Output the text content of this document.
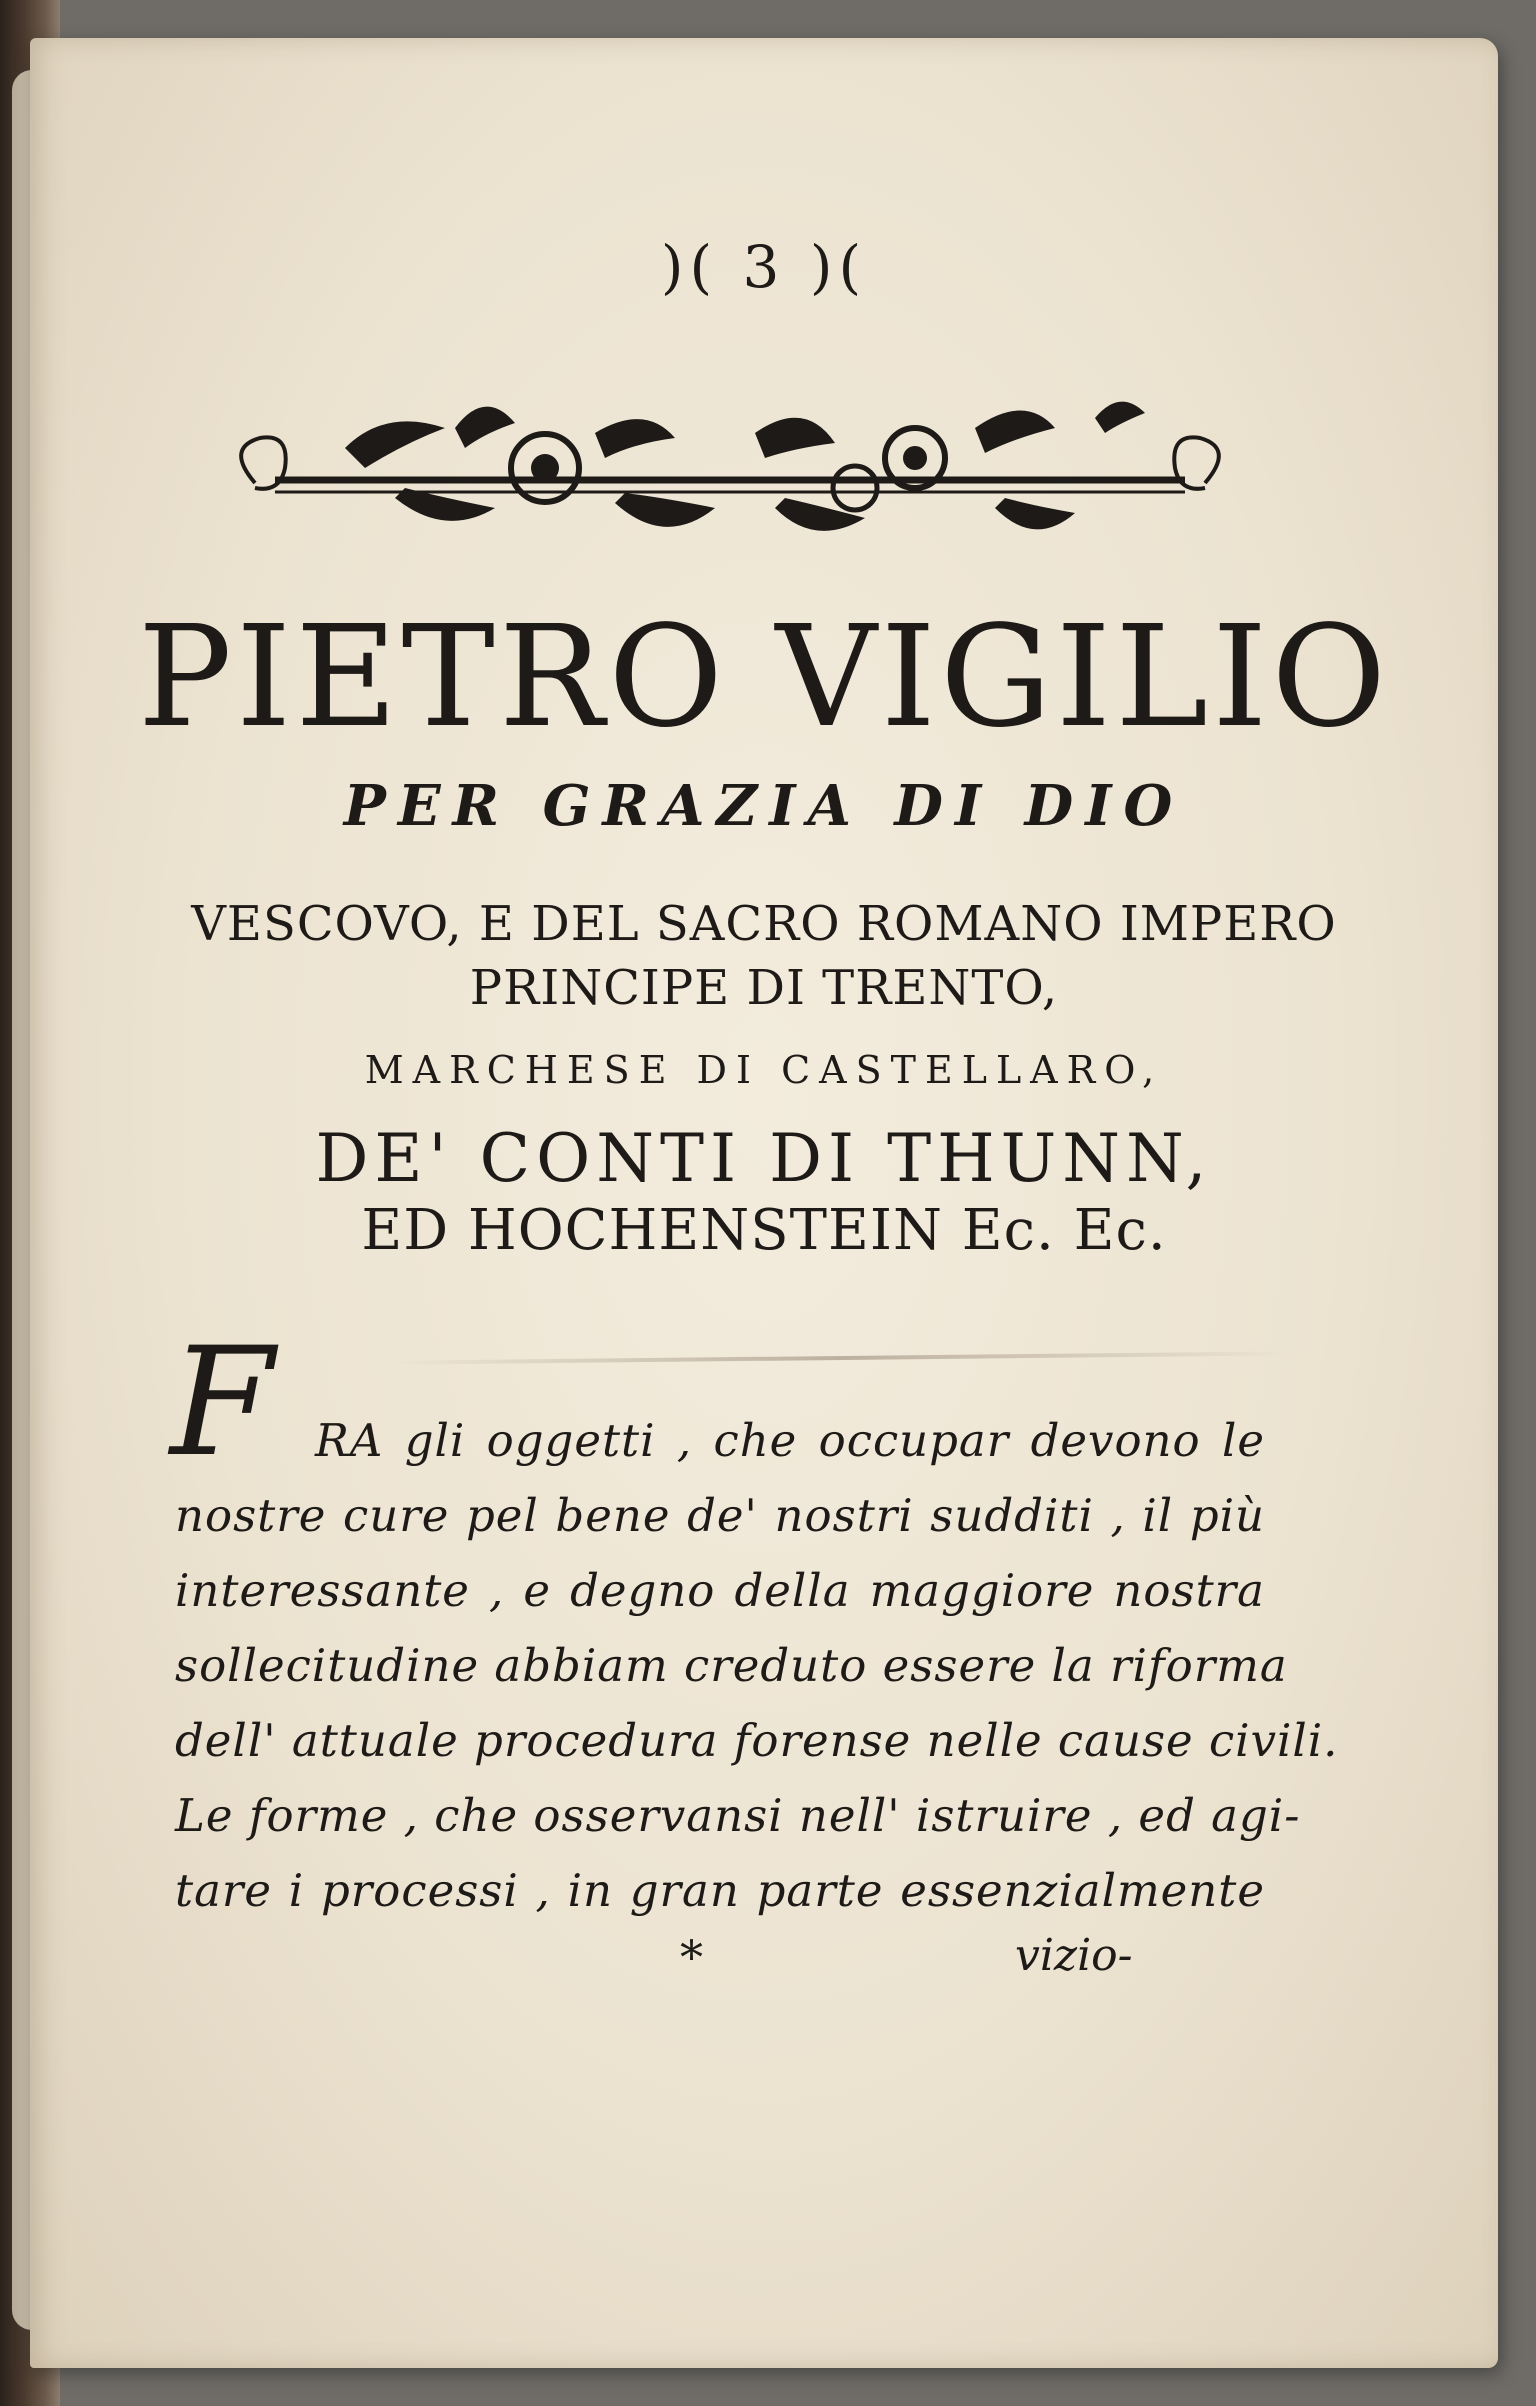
)( 3 )(
PIETRO VIGILIO
PER GRAZIA DI DIO
VESCOVO, E DEL SACRO ROMANO IMPERO
PRINCIPE DI TRENTO,
MARCHESE DI CASTELLARO,
DE' CONTI DI THUNN,
ED HOCHENSTEIN Ec. Ec.
F RA gli oggetti , che occupar devono le
nostre cure pel bene de' nostri sudditi , il più
interessante , e degno della maggiore nostra
sollecitudine abbiam creduto essere la riforma
dell' attuale procedura forense nelle cause civili.
Le forme , che osservansi nell' istruire , ed agi-
tare i processi , in gran parte essenzialmente
*	vizio-
